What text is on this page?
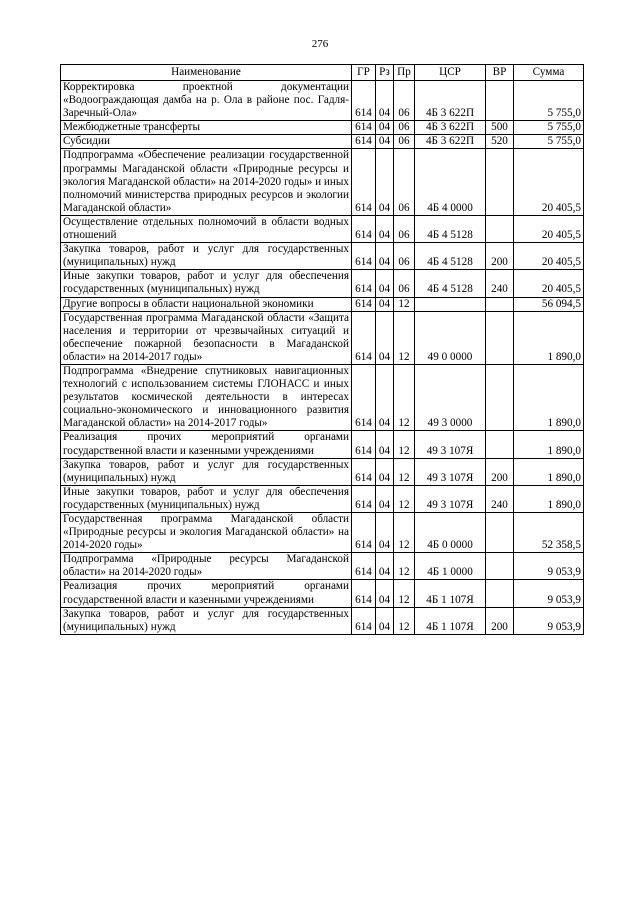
276
Наименование	ГР	Рз	Пр	ЦСР	ВР	Сумма
Корректировка проектной документации «Водоограждающая дамба на р. Ола в районе пос. Гадля-Заречный-Ола»	614	04	06	4Б 3 622П		5 755,0
Межбюджетные трансферты	614	04	06	4Б 3 622П	500	5 755,0
Субсидии	614	04	06	4Б 3 622П	520	5 755,0
Подпрограмма «Обеспечение реализации государственной программы Магаданской области «Природные ресурсы и экология Магаданской области» на 2014-2020 годы» и иных полномочий министерства природных ресурсов и экологии Магаданской области»	614	04	06	4Б 4 0000		20 405,5
Осуществление отдельных полномочий в области водных отношений	614	04	06	4Б 4 5128		20 405,5
Закупка товаров, работ и услуг для государственных (муниципальных) нужд	614	04	06	4Б 4 5128	200	20 405,5
Иные закупки товаров, работ и услуг для обеспечения государственных (муниципальных) нужд	614	04	06	4Б 4 5128	240	20 405,5
Другие вопросы в области национальной экономики	614	04	12			56 094,5
Государственная программа Магаданской области «Защита населения и территории от чрезвычайных ситуаций и обеспечение пожарной безопасности в Магаданской области» на 2014-2017 годы»	614	04	12	49 0 0000		1 890,0
Подпрограмма «Внедрение спутниковых навигационных технологий с использованием системы ГЛОНАСС и иных результатов космической деятельности в интересах социально-экономического и инновационного развития Магаданской области» на 2014-2017 годы»	614	04	12	49 3 0000		1 890,0
Реализация прочих мероприятий органами государственной власти и казенными учреждениями	614	04	12	49 3 107Я		1 890,0
Закупка товаров, работ и услуг для государственных (муниципальных) нужд	614	04	12	49 3 107Я	200	1 890,0
Иные закупки товаров, работ и услуг для обеспечения государственных (муниципальных) нужд	614	04	12	49 3 107Я	240	1 890,0
Государственная программа Магаданской области «Природные ресурсы и экология Магаданской области» на 2014-2020 годы»	614	04	12	4Б 0 0000		52 358,5
Подпрограмма «Природные ресурсы Магаданской области» на 2014-2020 годы»	614	04	12	4Б 1 0000		9 053,9
Реализация прочих мероприятий органами государственной власти и казенными учреждениями	614	04	12	4Б 1 107Я		9 053,9
Закупка товаров, работ и услуг для государственных (муниципальных) нужд	614	04	12	4Б 1 107Я	200	9 053,9
